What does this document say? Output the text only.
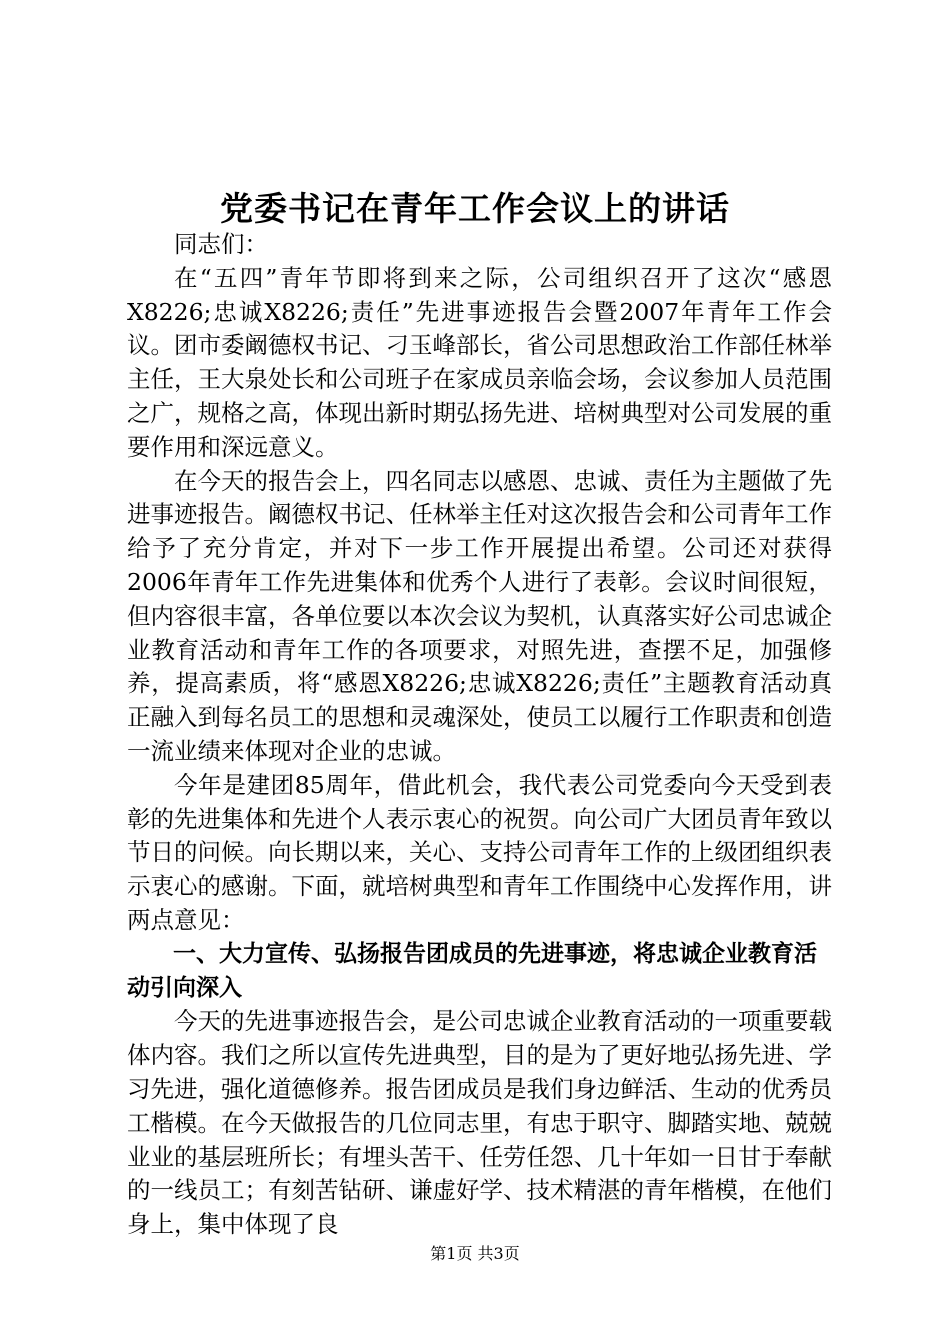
党委书记在青年工作会议上的讲话

同志们：

在“五四”青年节即将到来之际，公司组织召开了这次“感恩X8226;忠诚X8226;责任”先进事迹报告会暨2007年青年工作会议。团市委阚德权书记、刁玉峰部长，省公司思想政治工作部任林举主任，王大泉处长和公司班子在家成员亲临会场，会议参加人员范围之广，规格之高，体现出新时期弘扬先进、培树典型对公司发展的重要作用和深远意义。

在今天的报告会上，四名同志以感恩、忠诚、责任为主题做了先进事迹报告。阚德权书记、任林举主任对这次报告会和公司青年工作给予了充分肯定，并对下一步工作开展提出希望。公司还对获得2006年青年工作先进集体和优秀个人进行了表彰。会议时间很短，但内容很丰富，各单位要以本次会议为契机，认真落实好公司忠诚企业教育活动和青年工作的各项要求，对照先进，查摆不足，加强修养，提高素质，将“感恩X8226;忠诚X8226;责任”主题教育活动真正融入到每名员工的思想和灵魂深处，使员工以履行工作职责和创造一流业绩来体现对企业的忠诚。

今年是建团85周年，借此机会，我代表公司党委向今天受到表彰的先进集体和先进个人表示衷心的祝贺。向公司广大团员青年致以节日的问候。向长期以来，关心、支持公司青年工作的上级团组织表示衷心的感谢。下面，就培树典型和青年工作围绕中心发挥作用，讲两点意见：

一、大力宣传、弘扬报告团成员的先进事迹，将忠诚企业教育活动引向深入

今天的先进事迹报告会，是公司忠诚企业教育活动的一项重要载体内容。我们之所以宣传先进典型，目的是为了更好地弘扬先进、学习先进，强化道德修养。报告团成员是我们身边鲜活、生动的优秀员工楷模。在今天做报告的几位同志里，有忠于职守、脚踏实地、兢兢业业的基层班所长；有埋头苦干、任劳任怨、几十年如一日甘于奉献的一线员工；有刻苦钻研、谦虚好学、技术精湛的青年楷模，在他们身上，集中体现了良

第1页 共3页
